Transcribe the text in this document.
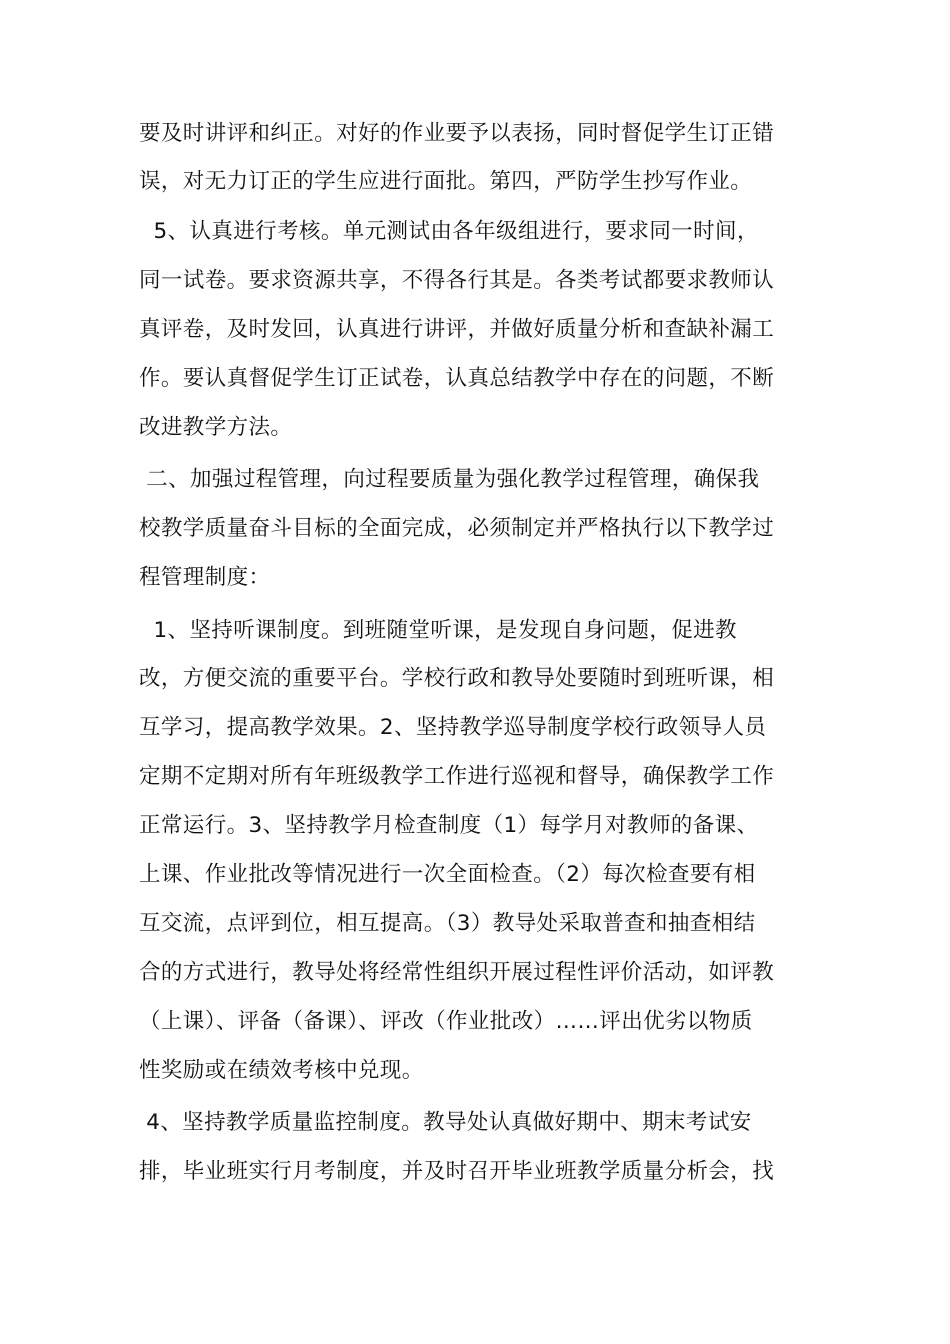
要及时讲评和纠正。对好的作业要予以表扬，同时督促学生订正错
误，对无力订正的学生应进行面批。第四，严防学生抄写作业。
5、认真进行考核。单元测试由各年级组进行，要求同一时间，
同一试卷。要求资源共享，不得各行其是。各类考试都要求教师认
真评卷，及时发回，认真进行讲评，并做好质量分析和查缺补漏工
作。要认真督促学生订正试卷，认真总结教学中存在的问题，不断
改进教学方法。
二、加强过程管理，向过程要质量为强化教学过程管理，确保我
校教学质量奋斗目标的全面完成，必须制定并严格执行以下教学过
程管理制度：
1、坚持听课制度。到班随堂听课，是发现自身问题，促进教
改，方便交流的重要平台。学校行政和教导处要随时到班听课，相
互学习，提高教学效果。2、坚持教学巡导制度学校行政领导人员
定期不定期对所有年班级教学工作进行巡视和督导，确保教学工作
正常运行。3、坚持教学月检查制度（1）每学月对教师的备课、
上课、作业批改等情况进行一次全面检查。（2）每次检查要有相
互交流，点评到位，相互提高。（3）教导处采取普查和抽查相结
合的方式进行，教导处将经常性组织开展过程性评价活动，如评教
（上课）、评备（备课）、评改（作业批改）……评出优劣以物质
性奖励或在绩效考核中兑现。
4、坚持教学质量监控制度。教导处认真做好期中、期末考试安
排，毕业班实行月考制度，并及时召开毕业班教学质量分析会，找
